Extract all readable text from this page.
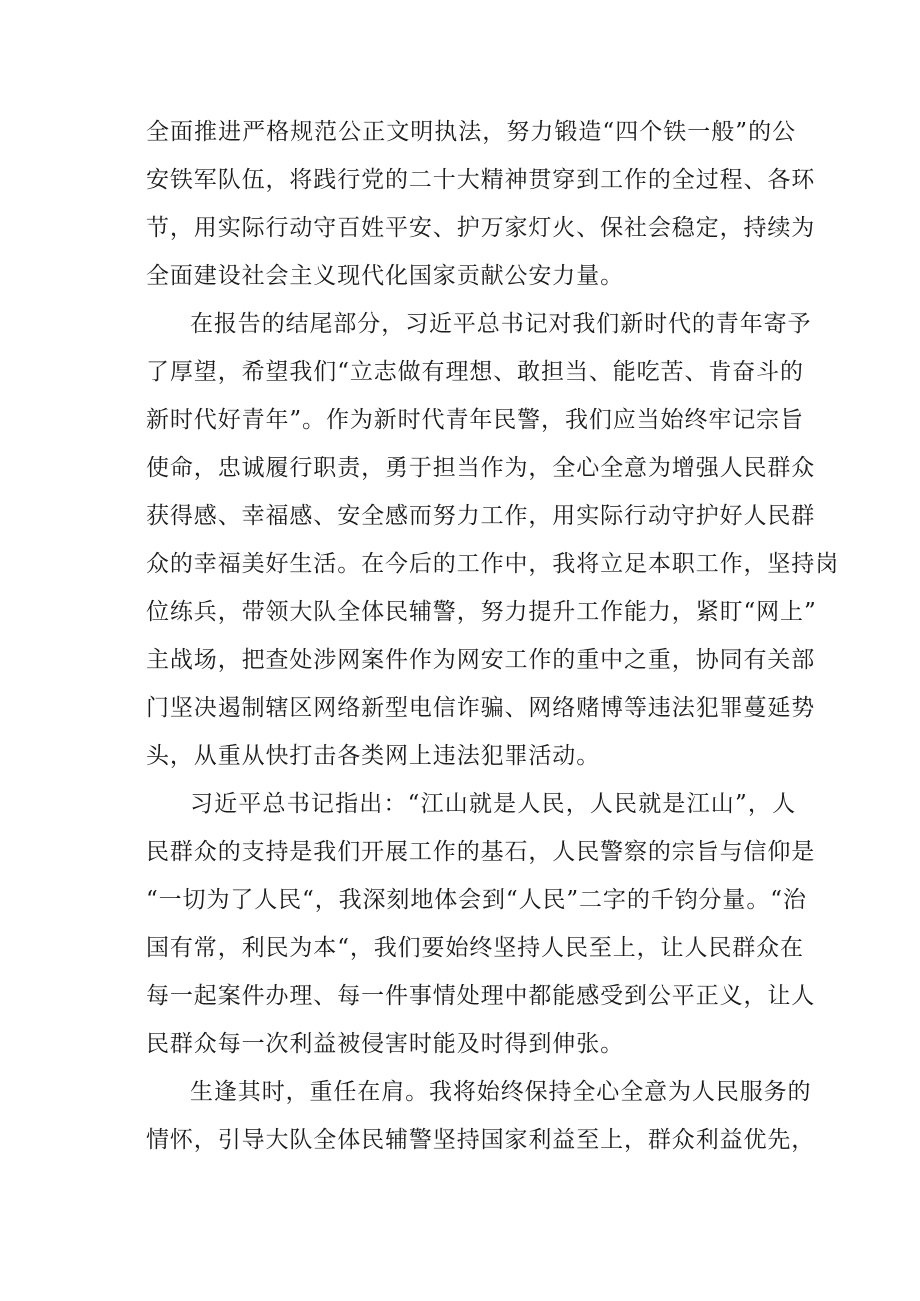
全面推进严格规范公正文明执法，努力锻造“四个铁一般”的公
安铁军队伍，将践行党的二十大精神贯穿到工作的全过程、各环
节，用实际行动守百姓平安、护万家灯火、保社会稳定，持续为
全面建设社会主义现代化国家贡献公安力量。
在报告的结尾部分，习近平总书记对我们新时代的青年寄予
了厚望，希望我们“立志做有理想、敢担当、能吃苦、肯奋斗的
新时代好青年”。作为新时代青年民警，我们应当始终牢记宗旨
使命，忠诚履行职责，勇于担当作为，全心全意为增强人民群众
获得感、幸福感、安全感而努力工作，用实际行动守护好人民群
众的幸福美好生活。在今后的工作中，我将立足本职工作，坚持岗
位练兵，带领大队全体民辅警，努力提升工作能力，紧盯“网上”
主战场，把查处涉网案件作为网安工作的重中之重，协同有关部
门坚决遏制辖区网络新型电信诈骗、网络赌博等违法犯罪蔓延势
头，从重从快打击各类网上违法犯罪活动。
习近平总书记指出：“江山就是人民，人民就是江山”，人
民群众的支持是我们开展工作的基石，人民警察的宗旨与信仰是
“一切为了人民“，我深刻地体会到“人民”二字的千钧分量。“治
国有常，利民为本“，我们要始终坚持人民至上，让人民群众在
每一起案件办理、每一件事情处理中都能感受到公平正义，让人
民群众每一次利益被侵害时能及时得到伸张。
生逢其时，重任在肩。我将始终保持全心全意为人民服务的
情怀，引导大队全体民辅警坚持国家利益至上，群众利益优先，
